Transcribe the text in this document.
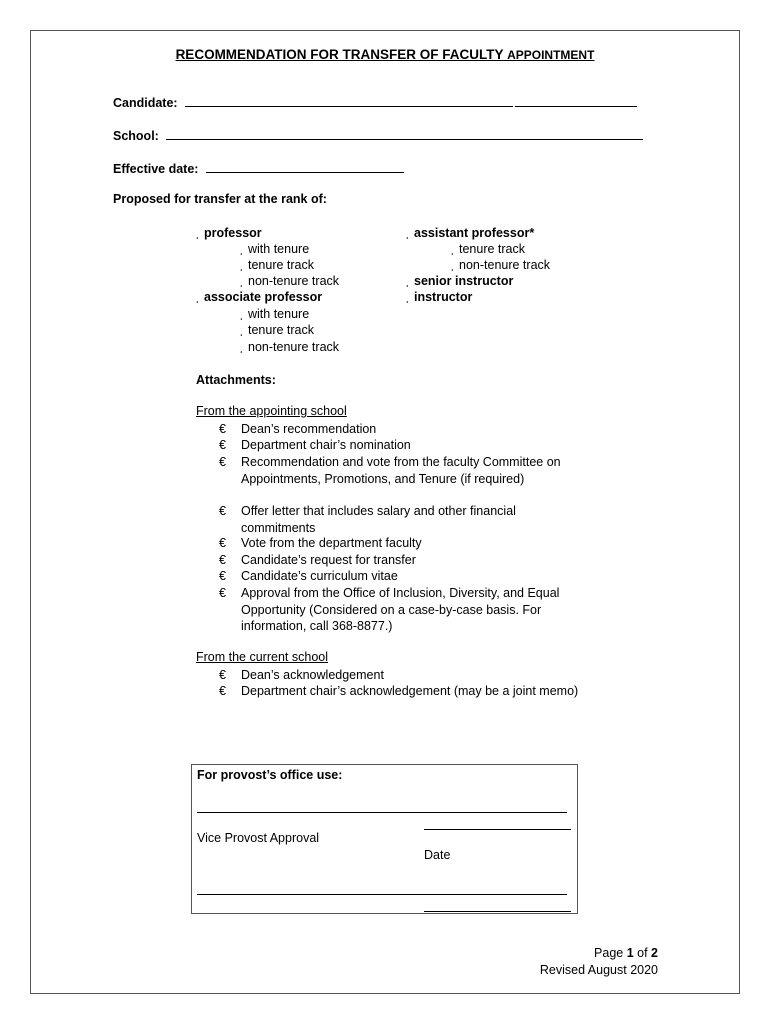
RECOMMENDATION FOR TRANSFER OF FACULTY APPOINTMENT
Candidate:
School:
Effective date:
Proposed for transfer at the rank of:
¸ professor
¸ with tenure
¸ tenure track
¸ non-tenure track
¸ associate professor
¸ with tenure
¸ tenure track
¸ non-tenure track
¸ assistant professor*
¸ tenure track
¸ non-tenure track
¸ senior instructor
¸ instructor
Attachments:
From the appointing school
€ Dean’s recommendation
€ Department chair’s nomination
€ Recommendation and vote from the faculty Committee on Appointments, Promotions, and Tenure (if required)
€ Offer letter that includes salary and other financial commitments
€ Vote from the department faculty
€ Candidate’s request for transfer
€ Candidate’s curriculum vitae
€ Approval from the Office of Inclusion, Diversity, and Equal Opportunity (Considered on a case-by-case basis. For information, call 368-8877.)
From the current school
€ Dean’s acknowledgement
€ Department chair’s acknowledgement (may be a joint memo)
For provost’s office use:
Vice Provost Approval
Date
Page 1 of 2
Revised August 2020
